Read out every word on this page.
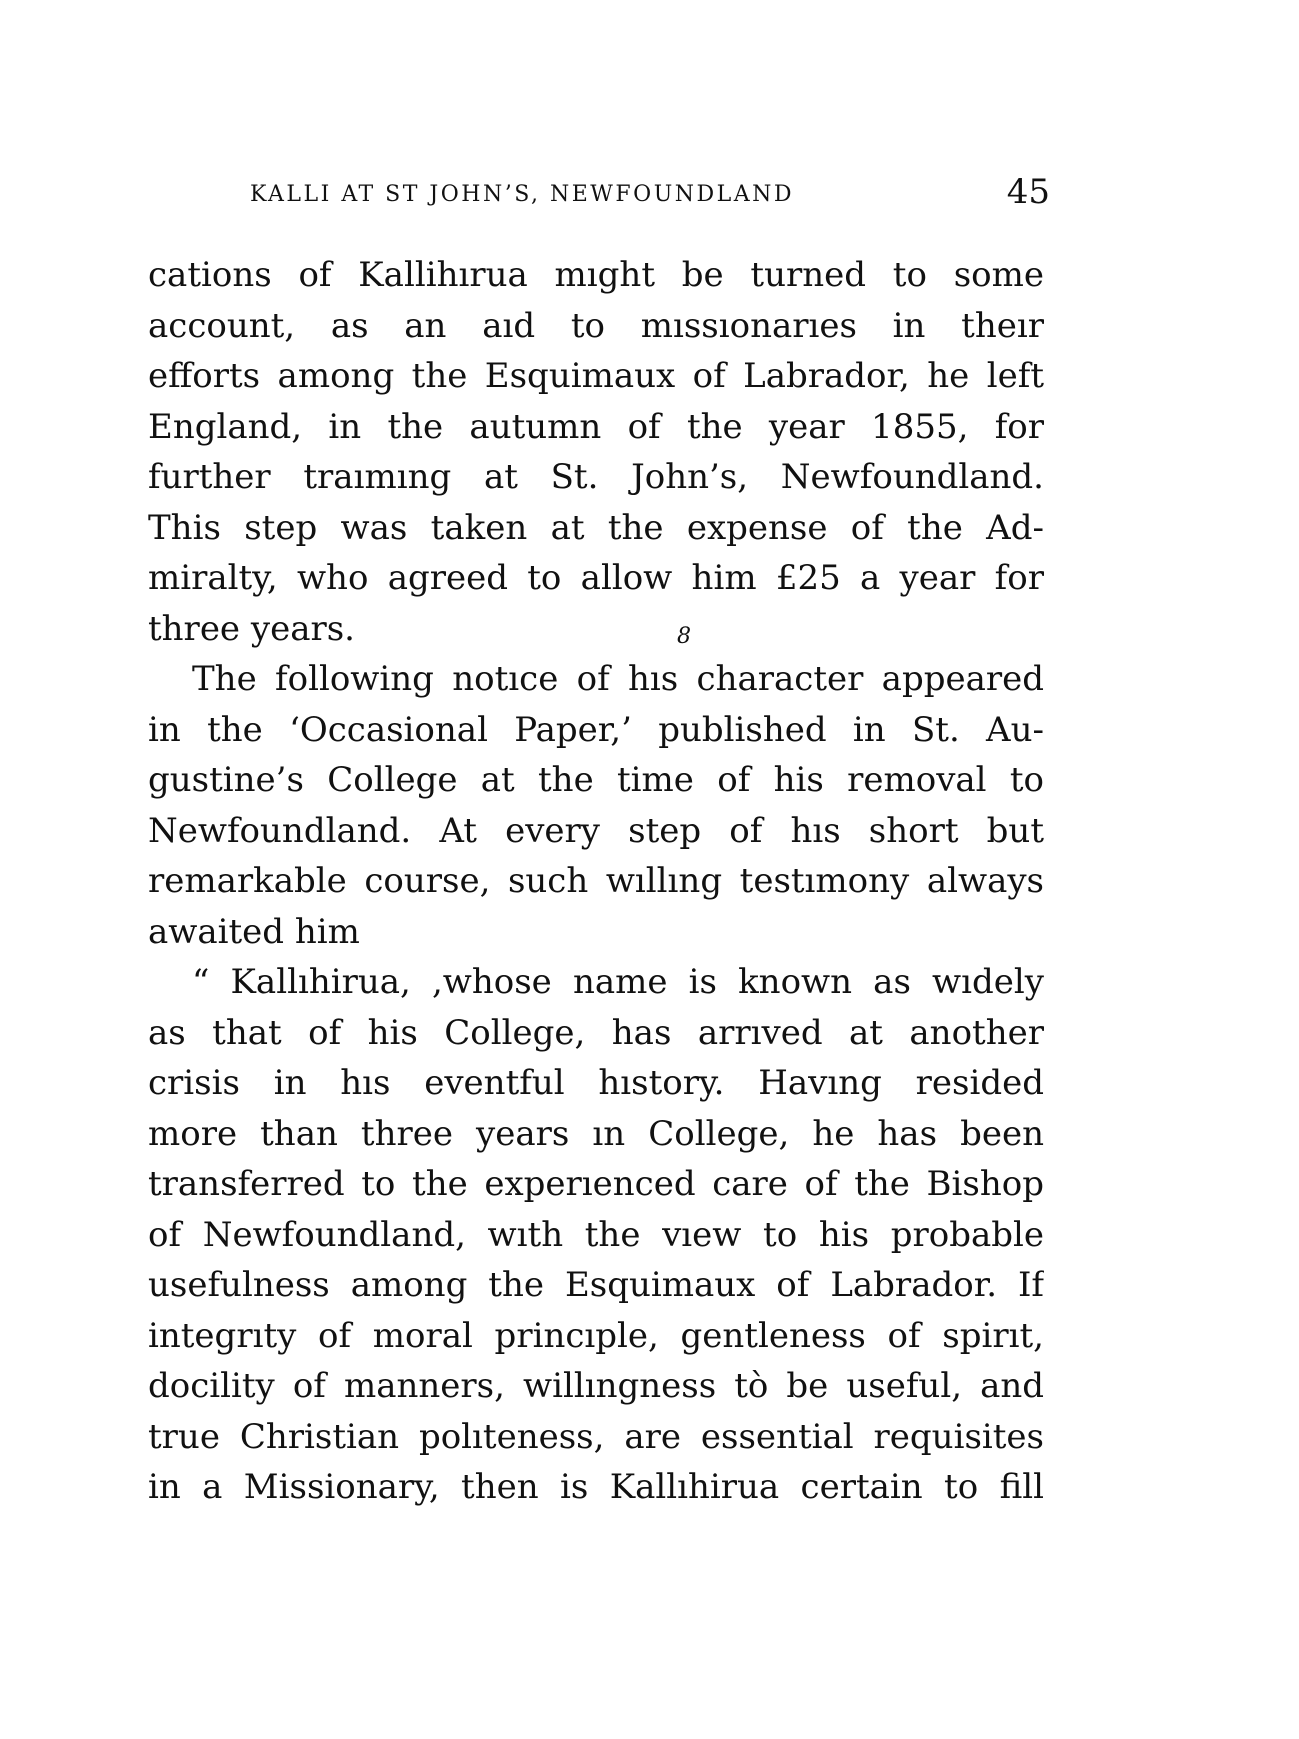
KALLI AT ST JOHN’S, NEWFOUNDLAND	45
cations of Kallihırua mıght be turned to some
account, as an aıd to mıssıonarıes in theır
efforts among the Esquimaux of Labrador, he left
England, in the autumn of the year 1855, for
further traımıng at St. John’s, Newfoundland.
This step was taken at the expense of the Ad-
miralty, who agreed to allow him £25 a year for
three years.
The following notıce of hıs character appeared
in the ‘Occasional Paper,’ published in St. Au-
gustine’s College at the time of his removal to
Newfoundland. At every step of hıs short but
remarkable course, such wıllıng testımony always
awaited him
“ Kallıhirua, ,whose name is known as wıdely
as that of his College, has arrıved at another
crisis in hıs eventful hıstory. Havıng resided
more than three years ın College, he has been
transferred to the experıenced care of the Bishop
of Newfoundland, wıth the vıew to his probable
usefulness among the Esquimaux of Labrador. If
integrıty of moral princıple, gentleness of spirıt,
docility of manners, willıngness tò be useful, and
true Christian polıteness, are essential requisites
in a Missionary, then is Kallıhirua certain to fill
8
